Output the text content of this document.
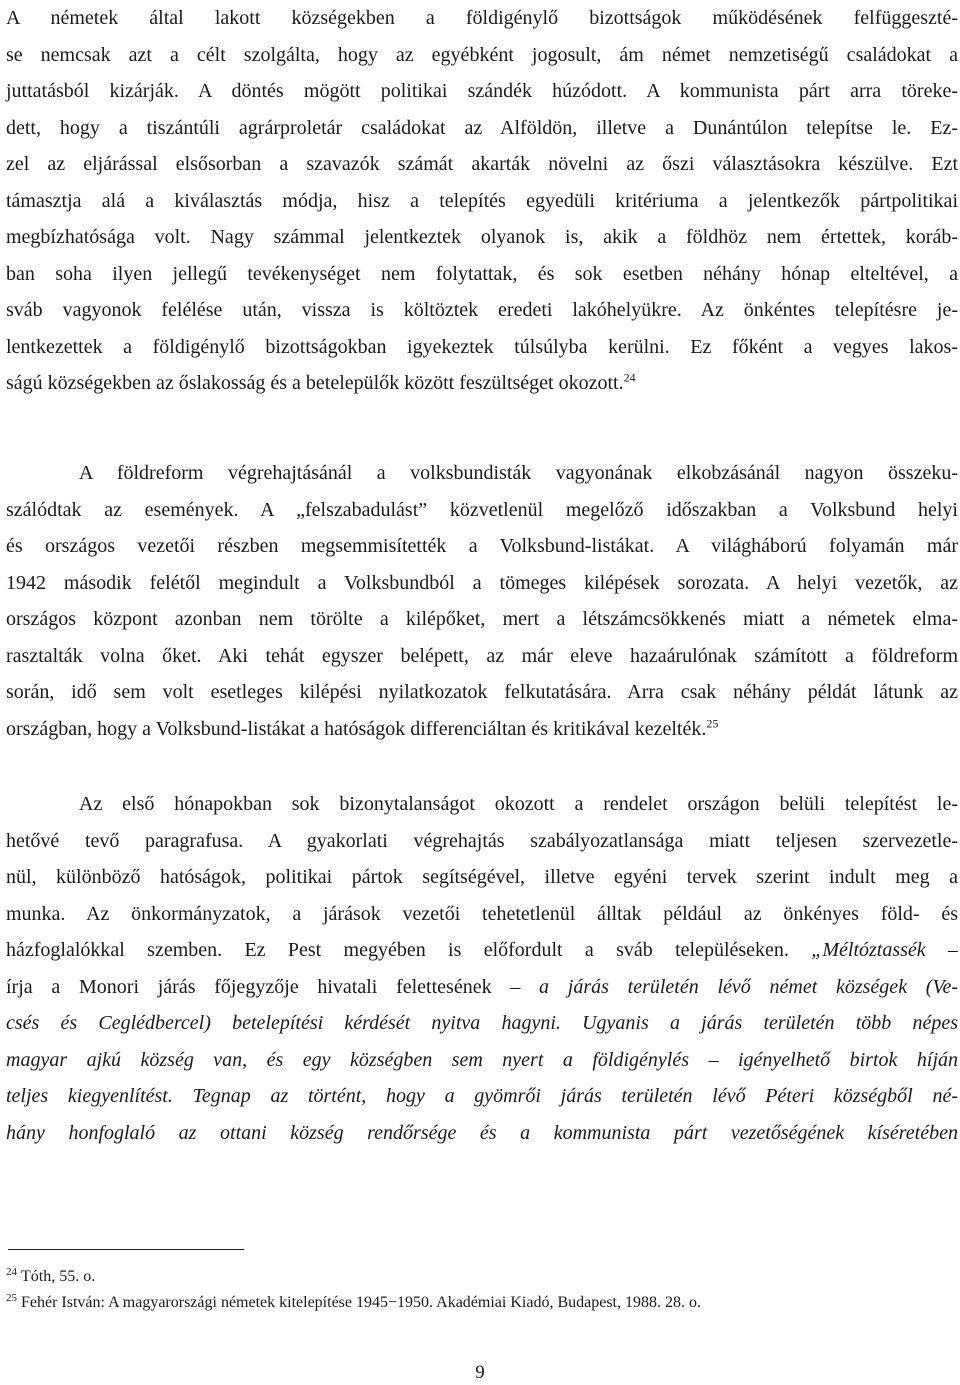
A németek által lakott községekben a földigénylő bizottságok működésének felfüggeszté-
se nemcsak azt a célt szolgálta, hogy az egyébként jogosult, ám német nemzetiségű családokat a
juttatásból kizárják. A döntés mögött politikai szándék húzódott. A kommunista párt arra törekе-
dett, hogy a tiszántúli agrárproletár családokat az Alföldön, illetve a Dunántúlon telepítse le. Ez-
zel az eljárással elsősorban a szavazók számát akarták növelni az őszi választásokra készülve. Ezt
támasztja alá a kiválasztás módja, hisz a telepítés egyedüli kritériuma a jelentkezők pártpolitikai
megbízhatósága volt. Nagy számmal jelentkeztek olyanok is, akik a földhöz nem értettek, koráb-
ban soha ilyen jellegű tevékenységet nem folytattak, és sok esetben néhány hónap elteltével, a
sváb vagyonok felélése után, vissza is költöztek eredeti lakóhelyükre. Az önkéntes telepítésre je-
lentkezettek a földigénylő bizottságokban igyekeztek túlsúlyba kerülni. Ez főként a vegyes lakos-
ságú községekben az őslakosság és a betelepülők között feszültséget okozott.$^{24}$
A földreform végrehajtásánál a volksbundisták vagyonának elkobzásánál nagyon összeku-
szálódtak az események. A „felszabadulást” közvetlenül megelőző időszakban a Volksbund helyi
és országos vezetői részben megsemmisítették a Volksbund-listákat. A világháború folyamán már
1942 második felétől megindult a Volksbundból a tömeges kilépések sorozata. A helyi vezetők, az
országos központ azonban nem törölte a kilépőket, mert a létszámcsökkenés miatt a németek elma-
rasztalták volna őket. Aki tehát egyszer belépett, az már eleve hazaárulónak számított a földreform
során, idő sem volt esetleges kilépési nyilatkozatok felkutatására. Arra csak néhány példát látunk az
országban, hogy a Volksbund-listákat a hatóságok differenciáltan és kritikával kezelték.$^{25}$
Az első hónapokban sok bizonytalanságot okozott a rendelet országon belüli telepítést le-
hetővé tevő paragrafusa. A gyakorlati végrehajtás szabályozatlansága miatt teljesen szervezetle-
nül, különböző hatóságok, politikai pártok segítségével, illetve egyéni tervek szerint indult meg a
munka. Az önkormányzatok, a járások vezetői tehetetlenül álltak például az önkényes föld- és
házfoglalókkal szemben. Ez Pest megyében is előfordult a sváb településeken. „Méltóztassék –
írja a Monori járás főjegyzője hivatali felettesének – a járás területén lévő német községek (Ve-
csés és Ceglédbercel) betelepítési kérdését nyitva hagyni. Ugyanis a járás területén több népes
magyar ajkú község van, és egy községben sem nyert a földigénylés – igényelhető birtok híján
teljes kiegyenlítést. Tegnap az történt, hogy a gyömrői járás területén lévő Péteri községből né-
hány honfoglaló az ottani község rendőrsége és a kommunista párt vezetőségének kíséretében
$^{24}$ Tóth, 55. o.
$^{25}$ Fehér István: A magyarországi németek kitelepítése 1945−1950. Akadémiai Kiadó, Budapest, 1988. 28. o.
9
